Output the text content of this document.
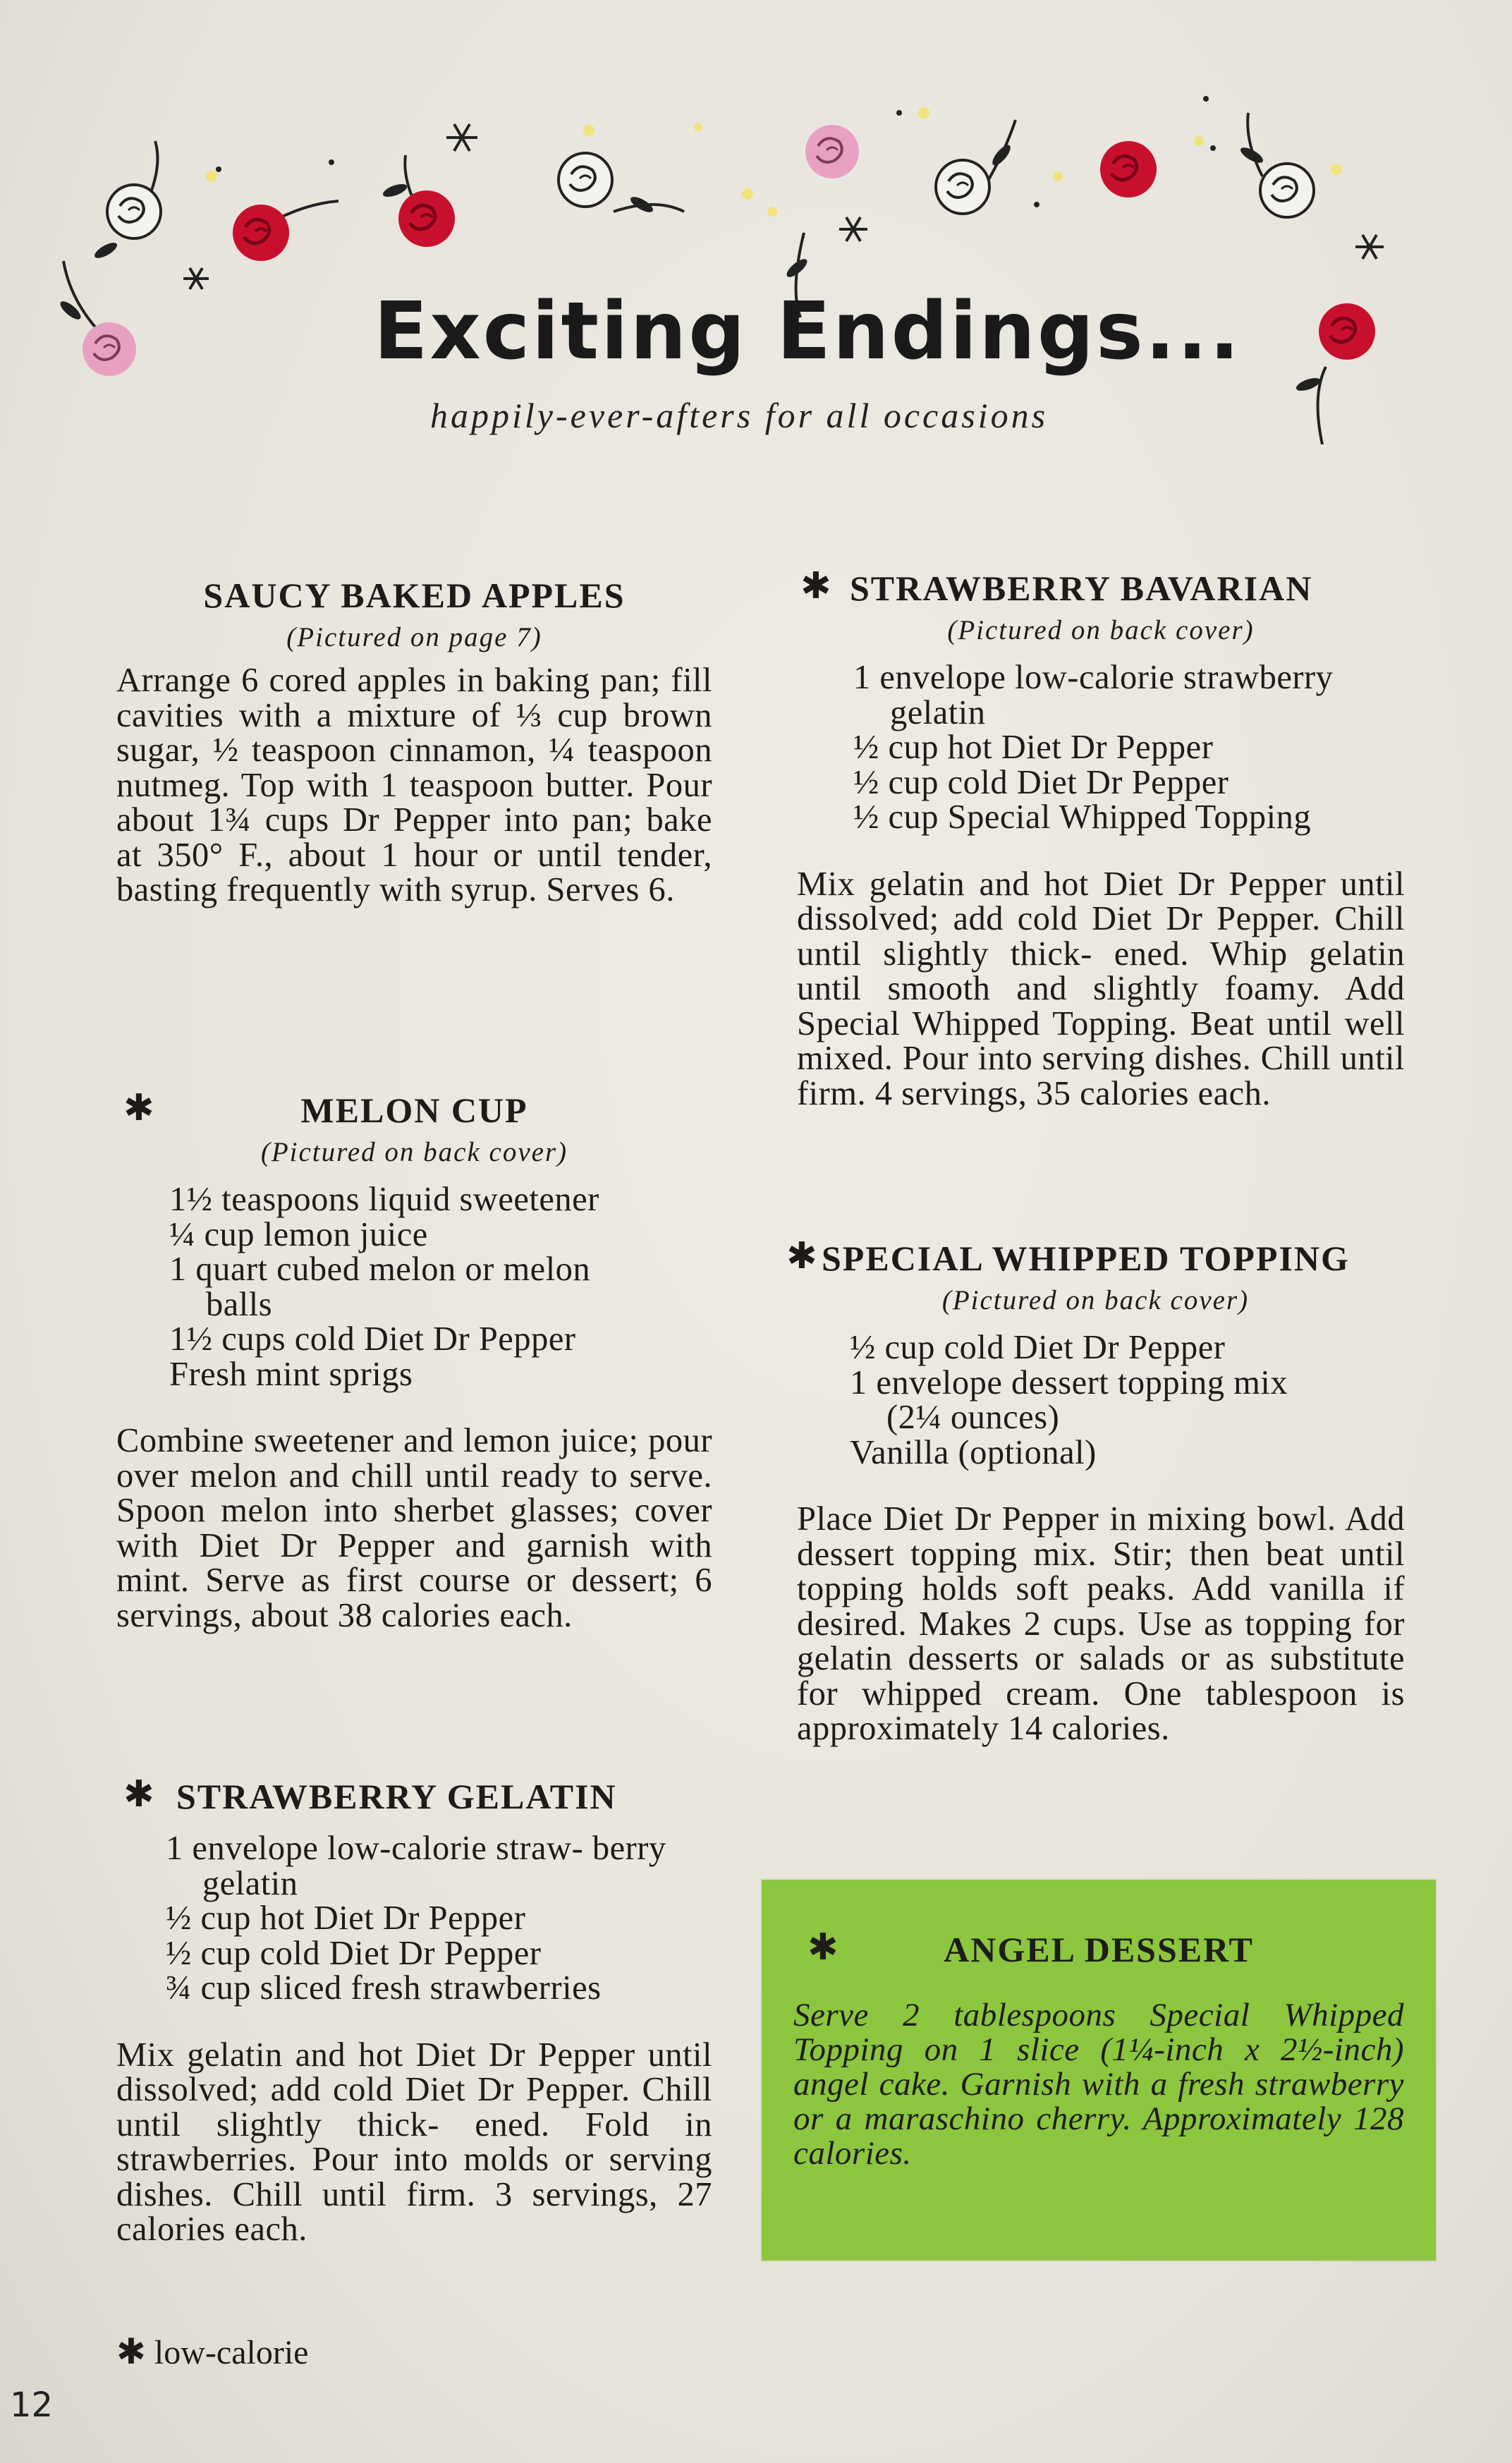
Exciting Endings...
happily-ever-afters for all occasions
SAUCY BAKED APPLES
(Pictured on page 7)
Arrange 6 cored apples in baking pan; fill cavities with a mixture of ⅓ cup brown sugar, ½ teaspoon cinnamon, ¼ teaspoon nutmeg. Top with 1 teaspoon butter. Pour about 1¾ cups Dr Pepper into pan; bake at 350° F., about 1 hour or until tender, basting frequently with syrup. Serves 6.
✱	MELON CUP
(Pictured on back cover)
1½ teaspoons liquid sweetener
¼ cup lemon juice
1 quart cubed melon or melon balls
1½ cups cold Diet Dr Pepper
Fresh mint sprigs
Combine sweetener and lemon juice; pour over melon and chill until ready to serve. Spoon melon into sherbet glasses; cover with Diet Dr Pepper and garnish with mint. Serve as first course or dessert; 6 servings, about 38 calories each.
✱ STRAWBERRY GELATIN
1 envelope low-calorie straw- berry gelatin
½ cup hot Diet Dr Pepper
½ cup cold Diet Dr Pepper
¾ cup sliced fresh strawberries
Mix gelatin and hot Diet Dr Pepper until dissolved; add cold Diet Dr Pepper. Chill until slightly thick- ened. Fold in strawberries. Pour into molds or serving dishes. Chill until firm. 3 servings, 27 calories each.
✱ STRAWBERRY BAVARIAN
(Pictured on back cover)
1 envelope low-calorie strawberry gelatin
½ cup hot Diet Dr Pepper
½ cup cold Diet Dr Pepper
½ cup Special Whipped Topping
Mix gelatin and hot Diet Dr Pepper until dissolved; add cold Diet Dr Pepper. Chill until slightly thick- ened. Whip gelatin until smooth and slightly foamy. Add Special Whipped Topping. Beat until well mixed. Pour into serving dishes. Chill until firm. 4 servings, 35 calories each.
✱ SPECIAL WHIPPED TOPPING
(Pictured on back cover)
½ cup cold Diet Dr Pepper
1 envelope dessert topping mix (2¼ ounces)
Vanilla (optional)
Place Diet Dr Pepper in mixing bowl. Add dessert topping mix. Stir; then beat until topping holds soft peaks. Add vanilla if desired. Makes 2 cups. Use as topping for gelatin desserts or salads or as substitute for whipped cream. One tablespoon is approximately 14 calories.
✱	ANGEL DESSERT
Serve 2 tablespoons Special Whipped Topping on 1 slice (1¼-inch x 2½-inch) angel cake. Garnish with a fresh strawberry or a maraschino cherry. Approximately 128 calories.
✱ low-calorie
12
